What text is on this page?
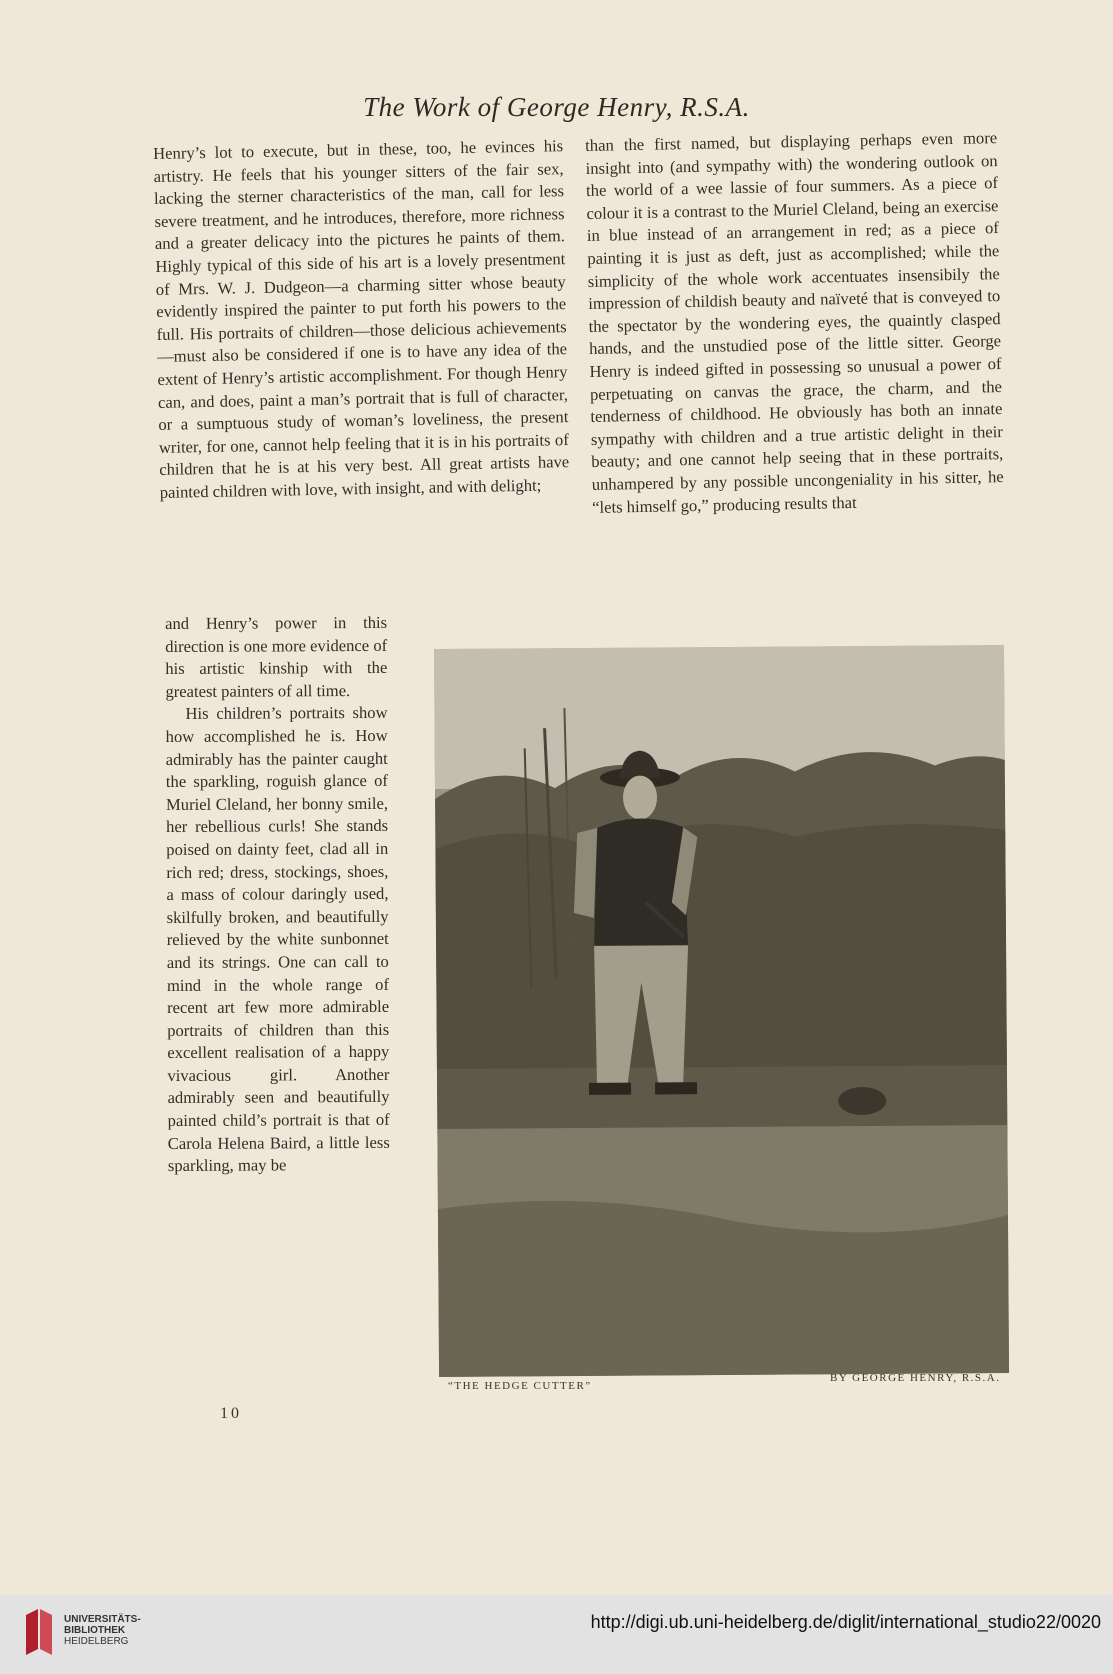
The Work of George Henry, R.S.A.

Henry’s lot to execute, but in these, too, he evinces his artistry. He feels that his younger sitters of the fair sex, lacking the sterner characteristics of the man, call for less severe treatment, and he introduces, therefore, more richness and a greater delicacy into the pictures he paints of them. Highly typical of this side of his art is a lovely presentment of Mrs. W. J. Dudgeon—a charming sitter whose beauty evidently inspired the painter to put forth his powers to the full. His portraits of children—those delicious achievements—must also be considered if one is to have any idea of the extent of Henry’s artistic accomplishment. For though Henry can, and does, paint a man’s portrait that is full of character, or a sumptuous study of woman’s loveliness, the present writer, for one, cannot help feeling that it is in his portraits of children that he is at his very best. All great artists have painted children with love, with insight, and with delight;

than the first named, but displaying perhaps even more insight into (and sympathy with) the wondering outlook on the world of a wee lassie of four summers. As a piece of colour it is a contrast to the Muriel Cleland, being an exercise in blue instead of an arrangement in red; as a piece of painting it is just as deft, just as accomplished; while the simplicity of the whole work accentuates insensibily the impression of childish beauty and naïveté that is conveyed to the spectator by the wondering eyes, the quaintly clasped hands, and the unstudied pose of the little sitter. George Henry is indeed gifted in possessing so unusual a power of perpetuating on canvas the grace, the charm, and the tenderness of childhood. He obviously has both an innate sympathy with children and a true artistic delight in their beauty; and one cannot help seeing that in these portraits, unhampered by any possible uncongeniality in his sitter, he “lets himself go,” producing results that

and Henry’s power in this direction is one more evidence of his artistic kinship with the greatest painters of all time.

His children’s portraits show how accomplished he is. How admirably has the painter caught the sparkling, roguish glance of Muriel Cleland, her bonny smile, her rebellious curls! She stands poised on dainty feet, clad all in rich red; dress, stockings, shoes, a mass of colour daringly used, skilfully broken, and beautifully relieved by the white sunbonnet and its strings. One can call to mind in the whole range of recent art few more admirable portraits of children than this excellent realisation of a happy vivacious girl. Another admirably seen and beautifully painted child’s portrait is that of Carola Helena Baird, a little less sparkling, may be

“THE HEDGE CUTTER”
BY GEORGE HENRY, R.S.A.
10
UNIVERSITÄTS-
BIBLIOTHEK
HEIDELBERG
http://digi.ub.uni-heidelberg.de/diglit/international_studio22/0020
